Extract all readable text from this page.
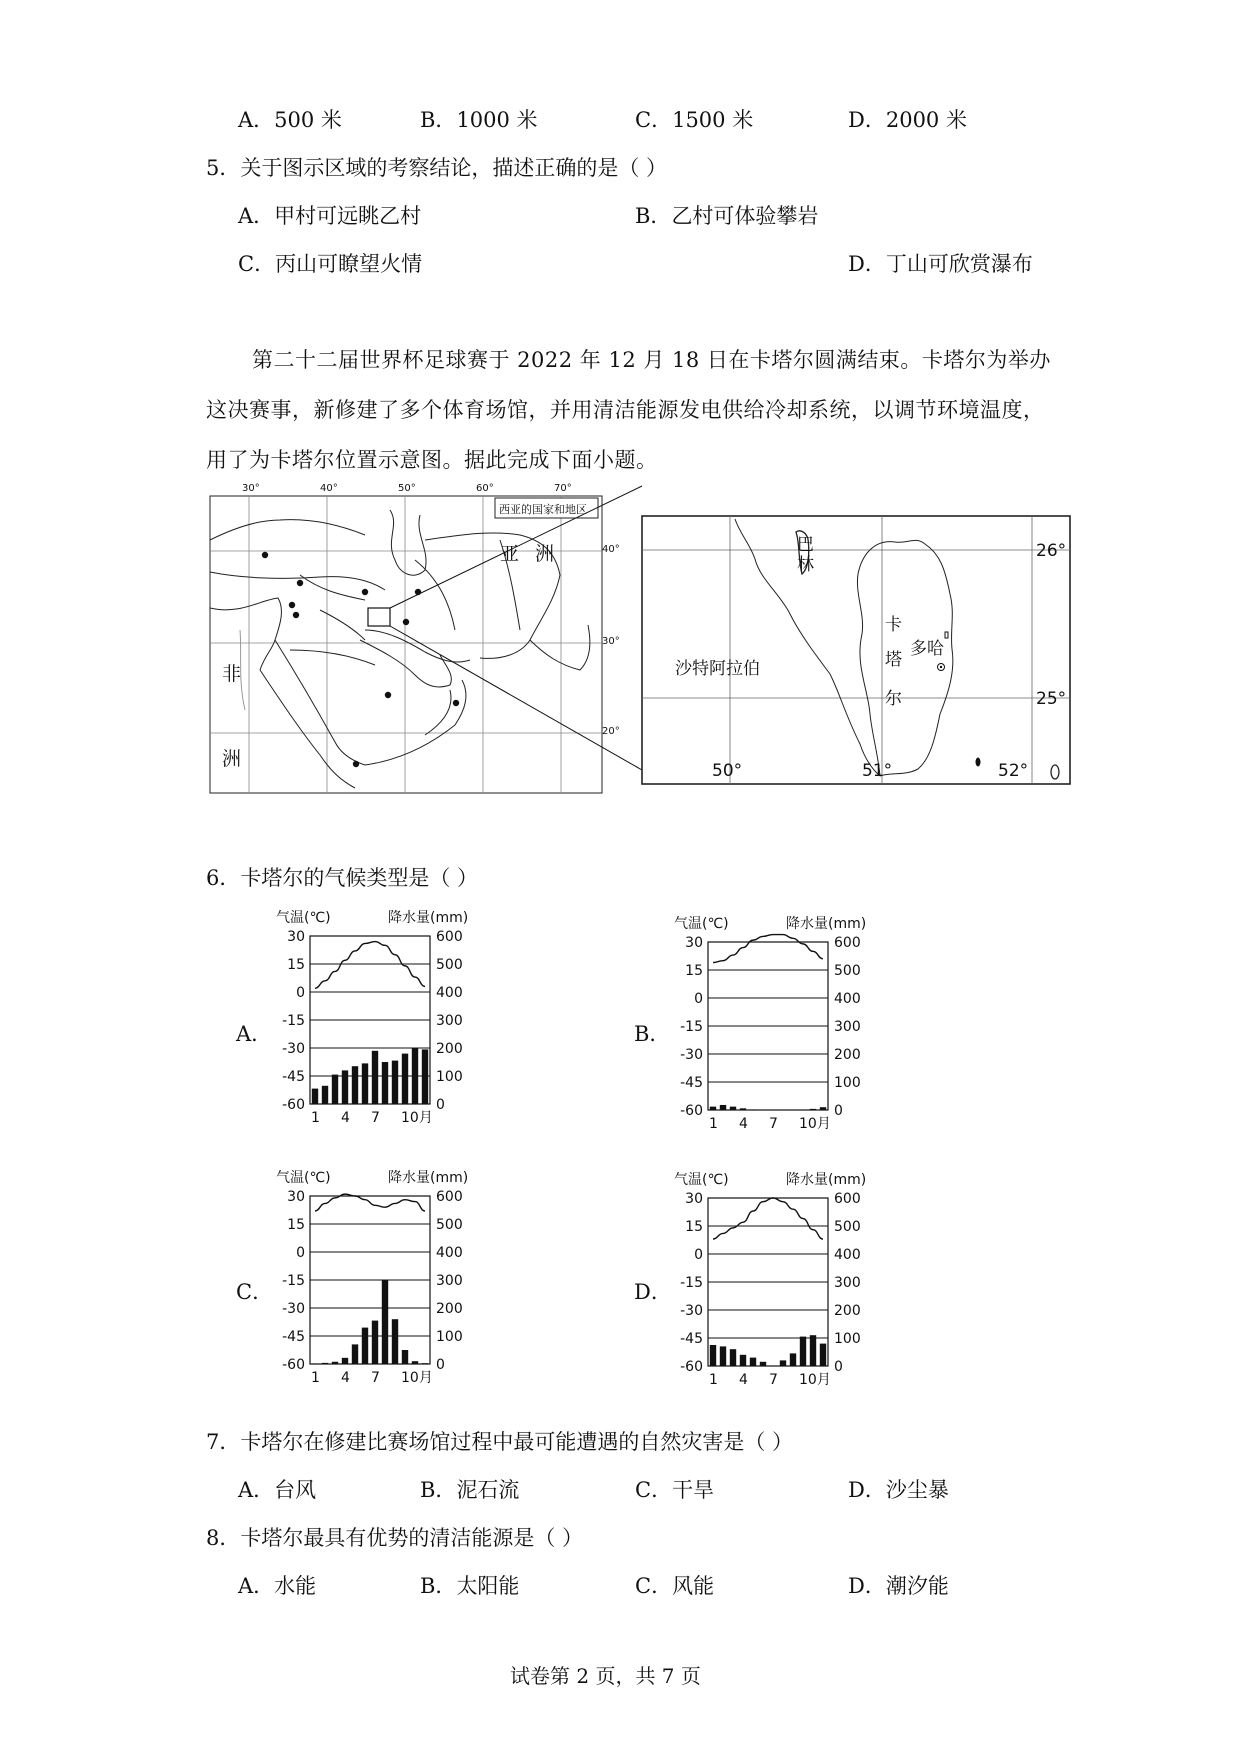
A．500 米	B．1000 米	C．1500 米	D．2000 米
5．关于图示区域的考察结论，描述正确的是（ ）
A．甲村可远眺乙村	B．乙村可体验攀岩
C．丙山可瞭望火情	D．丁山可欣赏瀑布
第二十二届世界杯足球赛于 2022 年 12 月 18 日在卡塔尔圆满结束。卡塔尔为举办
这决赛事，新修建了多个体育场馆，并用清洁能源发电供给冷却系统，以调节环境温度，
用了为卡塔尔位置示意图。据此完成下面小题。
30°	40°	50°	60°	70°
40°
30°
20°
西亚的国家和地区
亚 洲
非
洲
巴
林
沙特阿拉伯
卡
塔
尔
多哈
50°	51°	52°
26°
25°
6．卡塔尔的气候类型是（ ）
A．	B．
C．	D．
气温(℃)	降水量(mm)
30	600
15	500
0	400
-15	300
-30	200
-45	100
-60	0
1 4 7 10月
气温(℃)	降水量(mm)
30	600
15	500
0	400
-15	300
-30	200
-45	100
-60	0
1 4 7 10月
气温(℃)	降水量(mm)
30	600
15	500
0	400
-15	300
-30	200
-45	100
-60	0
1 4 7 10月
气温(℃)	降水量(mm)
30	600
15	500
0	400
-15	300
-30	200
-45	100
-60	0
1 4 7 10月
7．卡塔尔在修建比赛场馆过程中最可能遭遇的自然灾害是（ ）
A．台风	B．泥石流	C．干旱	D．沙尘暴
8．卡塔尔最具有优势的清洁能源是（ ）
A．水能	B．太阳能	C．风能	D．潮汐能
试卷第 2 页，共 7 页
